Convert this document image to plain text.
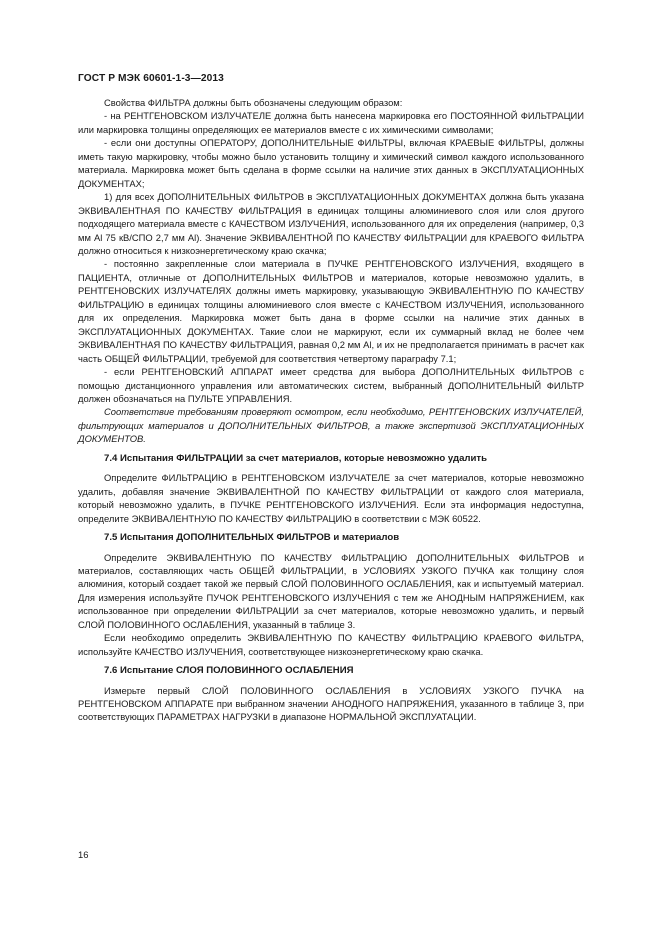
ГОСТ Р МЭК 60601-1-3—2013

Свойства ФИЛЬТРА должны быть обозначены следующим образом:

- на РЕНТГЕНОВСКОМ ИЗЛУЧАТЕЛЕ должна быть нанесена маркировка его ПОСТОЯННОЙ ФИЛЬТРАЦИИ или маркировка толщины определяющих ее материалов вместе с их химическими символами;

- если они доступны ОПЕРАТОРУ, ДОПОЛНИТЕЛЬНЫЕ ФИЛЬТРЫ, включая КРАЕВЫЕ ФИЛЬТРЫ, должны иметь такую маркировку, чтобы можно было установить толщину и химический символ каждого использованного материала. Маркировка может быть сделана в форме ссылки на наличие этих данных в ЭКСПЛУАТАЦИОННЫХ ДОКУМЕНТАХ;

1) для всех ДОПОЛНИТЕЛЬНЫХ ФИЛЬТРОВ в ЭКСПЛУАТАЦИОННЫХ ДОКУМЕНТАХ должна быть указана ЭКВИВАЛЕНТНАЯ ПО КАЧЕСТВУ ФИЛЬТРАЦИЯ в единицах толщины алюминиевого слоя или слоя другого подходящего материала вместе с КАЧЕСТВОМ ИЗЛУЧЕНИЯ, использованного для их определения (например, 0,3 мм Al 75 кВ/СПО 2,7 мм Al). Значение ЭКВИВАЛЕНТНОЙ ПО КАЧЕСТВУ ФИЛЬТРАЦИИ для КРАЕВОГО ФИЛЬТРА должно относиться к низкоэнергетическому краю скачка;

- постоянно закрепленные слои материала в ПУЧКЕ РЕНТГЕНОВСКОГО ИЗЛУЧЕНИЯ, входящего в ПАЦИЕНТА, отличные от ДОПОЛНИТЕЛЬНЫХ ФИЛЬТРОВ и материалов, которые невозможно удалить, в РЕНТГЕНОВСКИХ ИЗЛУЧАТЕЛЯХ должны иметь маркировку, указывающую ЭКВИВАЛЕНТНУЮ ПО КАЧЕСТВУ ФИЛЬТРАЦИЮ в единицах толщины алюминиевого слоя вместе с КАЧЕСТВОМ ИЗЛУЧЕНИЯ, использованного для их определения. Маркировка может быть дана в форме ссылки на наличие этих данных в ЭКСПЛУАТАЦИОННЫХ ДОКУМЕНТАХ. Такие слои не маркируют, если их суммарный вклад не более чем ЭКВИВАЛЕНТНАЯ ПО КАЧЕСТВУ ФИЛЬТРАЦИЯ, равная 0,2 мм Al, и их не предполагается принимать в расчет как часть ОБЩЕЙ ФИЛЬТРАЦИИ, требуемой для соответствия четвертому параграфу 7.1;

- если РЕНТГЕНОВСКИЙ АППАРАТ имеет средства для выбора ДОПОЛНИТЕЛЬНЫХ ФИЛЬТРОВ с помощью дистанционного управления или автоматических систем, выбранный ДОПОЛНИТЕЛЬНЫЙ ФИЛЬТР должен обозначаться на ПУЛЬТЕ УПРАВЛЕНИЯ.

Соответствие требованиям проверяют осмотром, если необходимо, РЕНТГЕНОВСКИХ ИЗЛУЧАТЕЛЕЙ, фильтрующих материалов и ДОПОЛНИТЕЛЬНЫХ ФИЛЬТРОВ, а также экспертизой ЭКСПЛУАТАЦИОННЫХ ДОКУМЕНТОВ.

7.4 Испытания ФИЛЬТРАЦИИ за счет материалов, которые невозможно удалить

Определите ФИЛЬТРАЦИЮ в РЕНТГЕНОВСКОМ ИЗЛУЧАТЕЛЕ за счет материалов, которые невозможно удалить, добавляя значение ЭКВИВАЛЕНТНОЙ ПО КАЧЕСТВУ ФИЛЬТРАЦИИ от каждого слоя материала, который невозможно удалить, в ПУЧКЕ РЕНТГЕНОВСКОГО ИЗЛУЧЕНИЯ. Если эта информация недоступна, определите ЭКВИВАЛЕНТНУЮ ПО КАЧЕСТВУ ФИЛЬТРАЦИЮ в соответствии с МЭК 60522.

7.5 Испытания ДОПОЛНИТЕЛЬНЫХ ФИЛЬТРОВ и материалов

Определите ЭКВИВАЛЕНТНУЮ ПО КАЧЕСТВУ ФИЛЬТРАЦИЮ ДОПОЛНИТЕЛЬНЫХ ФИЛЬТРОВ и материалов, составляющих часть ОБЩЕЙ ФИЛЬТРАЦИИ, в УСЛОВИЯХ УЗКОГО ПУЧКА как толщину слоя алюминия, который создает такой же первый СЛОЙ ПОЛОВИННОГО ОСЛАБЛЕНИЯ, как и испытуемый материал. Для измерения используйте ПУЧОК РЕНТГЕНОВСКОГО ИЗЛУЧЕНИЯ с тем же АНОДНЫМ НАПРЯЖЕНИЕМ, как использованное при определении ФИЛЬТРАЦИИ за счет материалов, которые невозможно удалить, и первый СЛОЙ ПОЛОВИННОГО ОСЛАБЛЕНИЯ, указанный в таблице 3.

Если необходимо определить ЭКВИВАЛЕНТНУЮ ПО КАЧЕСТВУ ФИЛЬТРАЦИЮ КРАЕВОГО ФИЛЬТРА, используйте КАЧЕСТВО ИЗЛУЧЕНИЯ, соответствующее низкоэнергетическому краю скачка.

7.6 Испытание СЛОЯ ПОЛОВИННОГО ОСЛАБЛЕНИЯ

Измерьте первый СЛОЙ ПОЛОВИННОГО ОСЛАБЛЕНИЯ в УСЛОВИЯХ УЗКОГО ПУЧКА на РЕНТГЕНОВСКОМ АППАРАТЕ при выбранном значении АНОДНОГО НАПРЯЖЕНИЯ, указанного в таблице 3, при соответствующих ПАРАМЕТРАХ НАГРУЗКИ в диапазоне НОРМАЛЬНОЙ ЭКСПЛУАТАЦИИ.

16
